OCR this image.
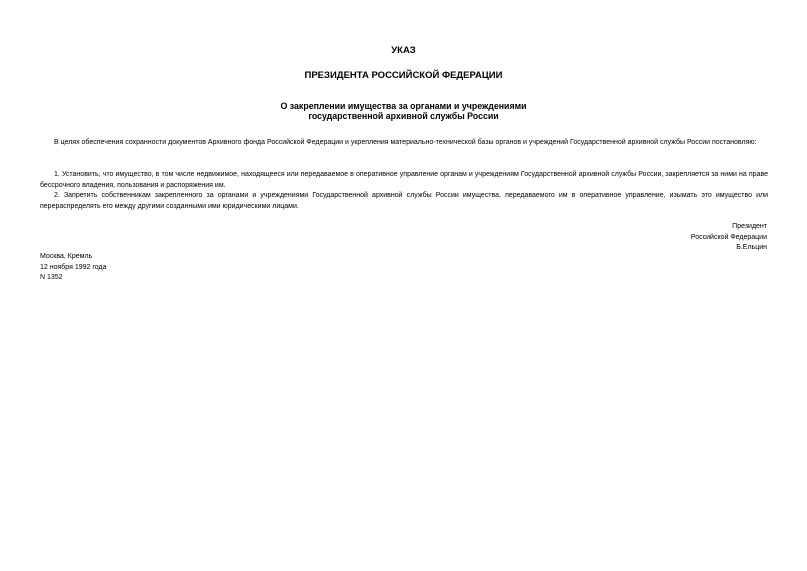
УКАЗ
ПРЕЗИДЕНТА РОССИЙСКОЙ ФЕДЕРАЦИИ
О закреплении имущества за органами и учреждениями
государственной архивной службы России
В целях обеспечения сохранности документов Архивного фонда Российской Федерации и укрепления материально-технической базы органов и учреждений Государственной архивной службы России постановляю:
1. Установить, что имущество, в том числе недвижимое, находящееся или передаваемое в оперативное управление органам и учреждениям Государственной архивной службы России, закрепляется за ними на праве бессрочного владения, пользования и распоряжения им.
2. Запретить собственникам закрепленного за органами и учреждениями Государственной архивной службы России имущества, передаваемого им в оперативное управление, изымать это имущество или перераспределять его между другими созданными ими юридическими лицами.
Президент
Российской Федерации
Б.Ельцин
Москва, Кремль
12 ноября 1992 года
N 1352
